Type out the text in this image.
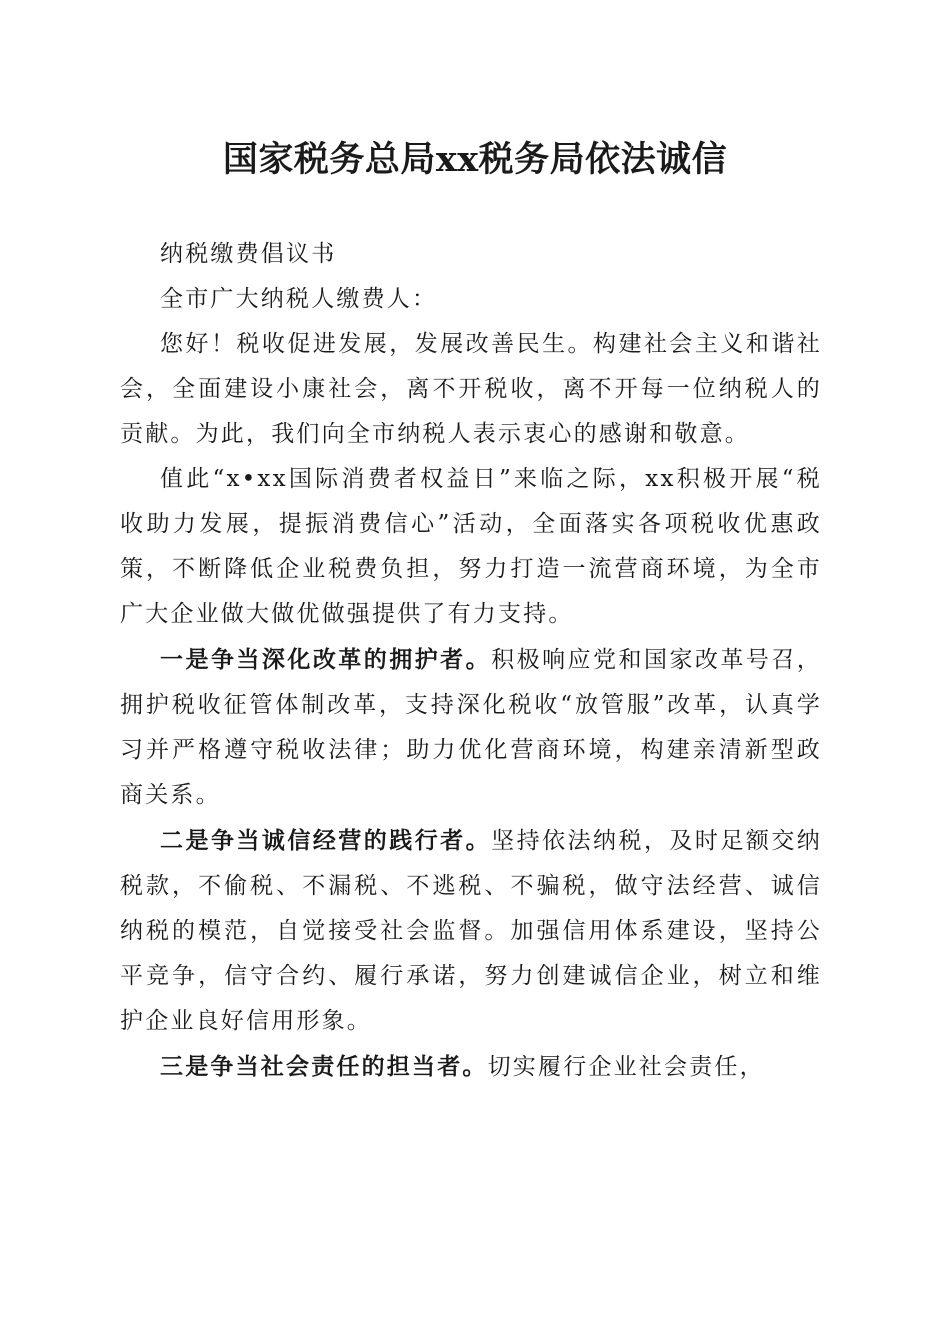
国家税务总局xx税务局依法诚信

纳税缴费倡议书

全市广大纳税人缴费人：

您好！税收促进发展，发展改善民生。构建社会主义和谐社会，全面建设小康社会，离不开税收，离不开每一位纳税人的贡献。为此，我们向全市纳税人表示衷心的感谢和敬意。

值此“x•xx国际消费者权益日”来临之际，xx积极开展“税收助力发展，提振消费信心”活动，全面落实各项税收优惠政策，不断降低企业税费负担，努力打造一流营商环境，为全市广大企业做大做优做强提供了有力支持。

一是争当深化改革的拥护者。积极响应党和国家改革号召，拥护税收征管体制改革，支持深化税收“放管服”改革，认真学习并严格遵守税收法律；助力优化营商环境，构建亲清新型政商关系。

二是争当诚信经营的践行者。坚持依法纳税，及时足额交纳税款，不偷税、不漏税、不逃税、不骗税，做守法经营、诚信纳税的模范，自觉接受社会监督。加强信用体系建设，坚持公平竞争，信守合约、履行承诺，努力创建诚信企业，树立和维护企业良好信用形象。

三是争当社会责任的担当者。切实履行企业社会责任，
